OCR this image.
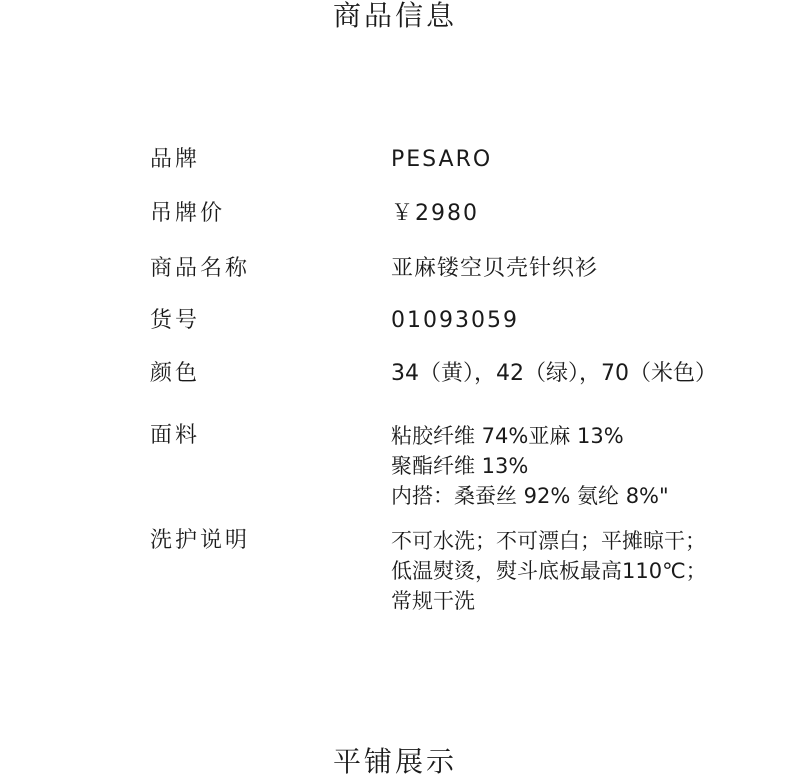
商品信息
品牌	PESARO
吊牌价	￥2980
商品名称	亚麻镂空贝壳针织衫
货号	01093059
颜色	34（黄），42（绿），70（米色）
面料	粘胶纤维 74%亚麻 13%
聚酯纤维 13%
内搭：桑蚕丝 92% 氨纶 8%"
洗护说明	不可水洗；不可漂白；平摊晾干；
低温熨烫，熨斗底板最高110℃；
常规干洗
平铺展示
